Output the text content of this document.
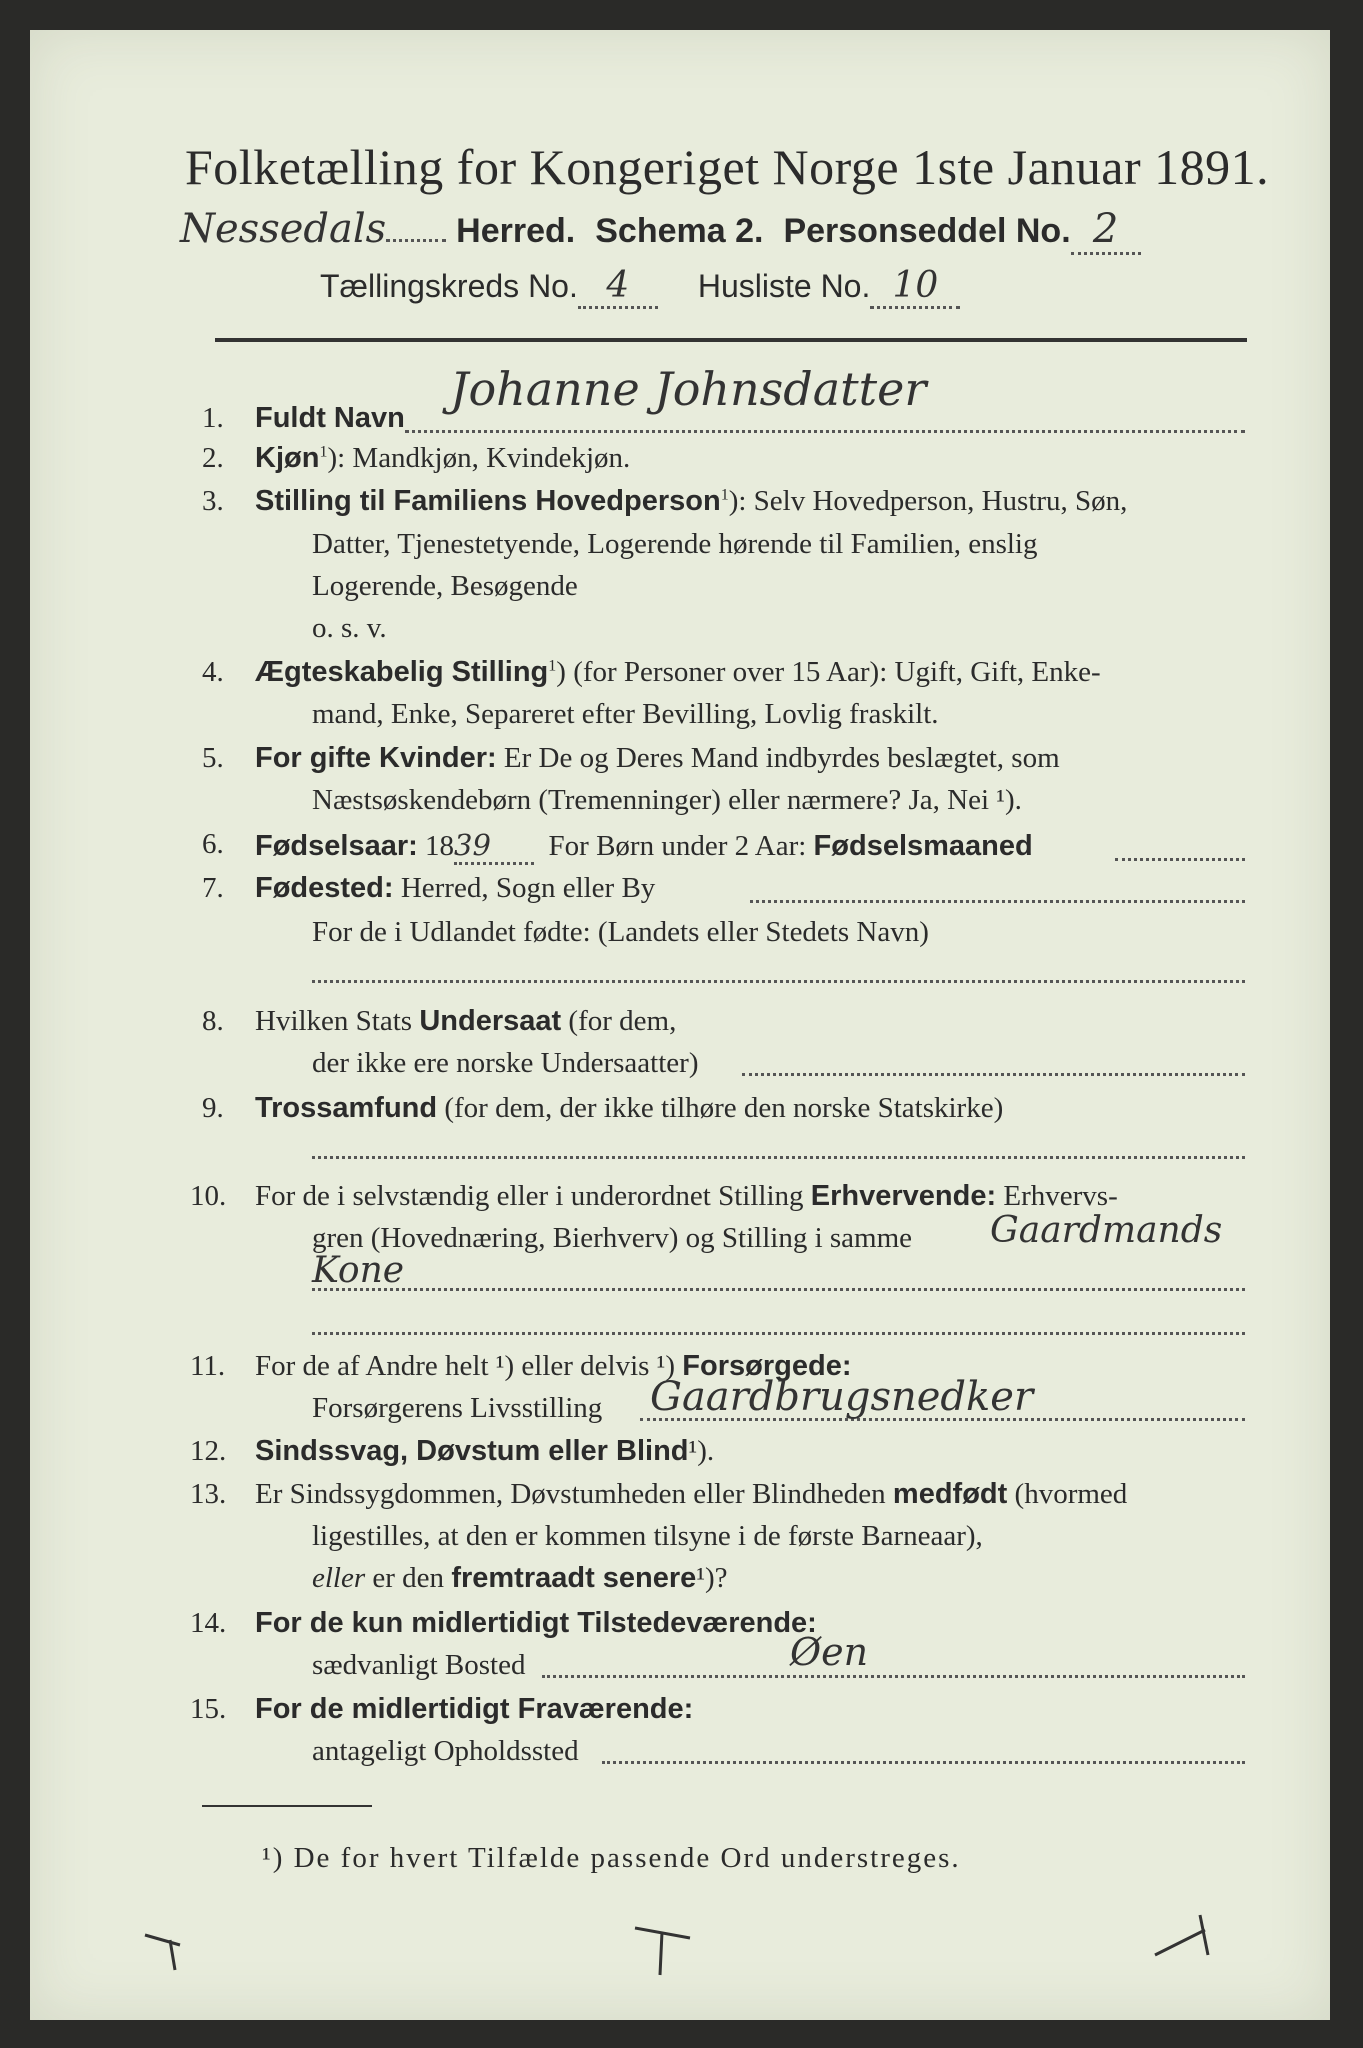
Folketælling for Kongeriget Norge 1ste Januar 1891.
Nessedals Herred. Schema 2. Personseddel No. 2
Tællingskreds No. 4 Husliste No. 10
1. Fuldt Navn
Johanne Johnsdatter
2. Kjøn$^1$): Mandkjøn, Kvindekjøn.
3. Stilling til Familiens Hovedperson$^1$): Selv Hovedperson, Hustru, Søn,
Datter, Tjenestetyende, Logerende hørende til Familien, enslig
Logerende, Besøgende
o. s. v.
4. Ægteskabelig Stilling$^1$) (for Personer over 15 Aar): Ugift, Gift, Enke-
mand, Enke, Separeret efter Bevilling, Lovlig fraskilt.
5. For gifte Kvinder: Er De og Deres Mand indbyrdes beslægtet, som
Næstsøskendebørn (Tremenninger) eller nærmere? Ja, Nei ¹).
6. Fødselsaar: 1839 For Børn under 2 Aar: Fødselsmaaned
7. Fødested: Herred, Sogn eller By
For de i Udlandet fødte: (Landets eller Stedets Navn)
8. Hvilken Stats Undersaat (for dem,
der ikke ere norske Undersaatter)
9. Trossamfund (for dem, der ikke tilhøre den norske Statskirke)
10. For de i selvstændig eller i underordnet Stilling Erhvervende: Erhvervs-
gren (Hovednæring, Bierhverv) og Stilling i samme Gaardmands
Kone
11. For de af Andre helt ¹) eller delvis ¹) Forsørgede:
Forsørgerens Livsstilling Gaardbrugsnedker
12. Sindssvag, Døvstum eller Blind¹).
13. Er Sindssygdommen, Døvstumheden eller Blindheden medfødt (hvormed
ligestilles, at den er kommen tilsyne i de første Barneaar),
eller er den fremtraadt senere¹)?
14. For de kun midlertidigt Tilstedeværende:
sædvanligt Bosted	Øen
15. For de midlertidigt Fraværende:
antageligt Opholdssted
¹) De for hvert Tilfælde passende Ord understreges.
